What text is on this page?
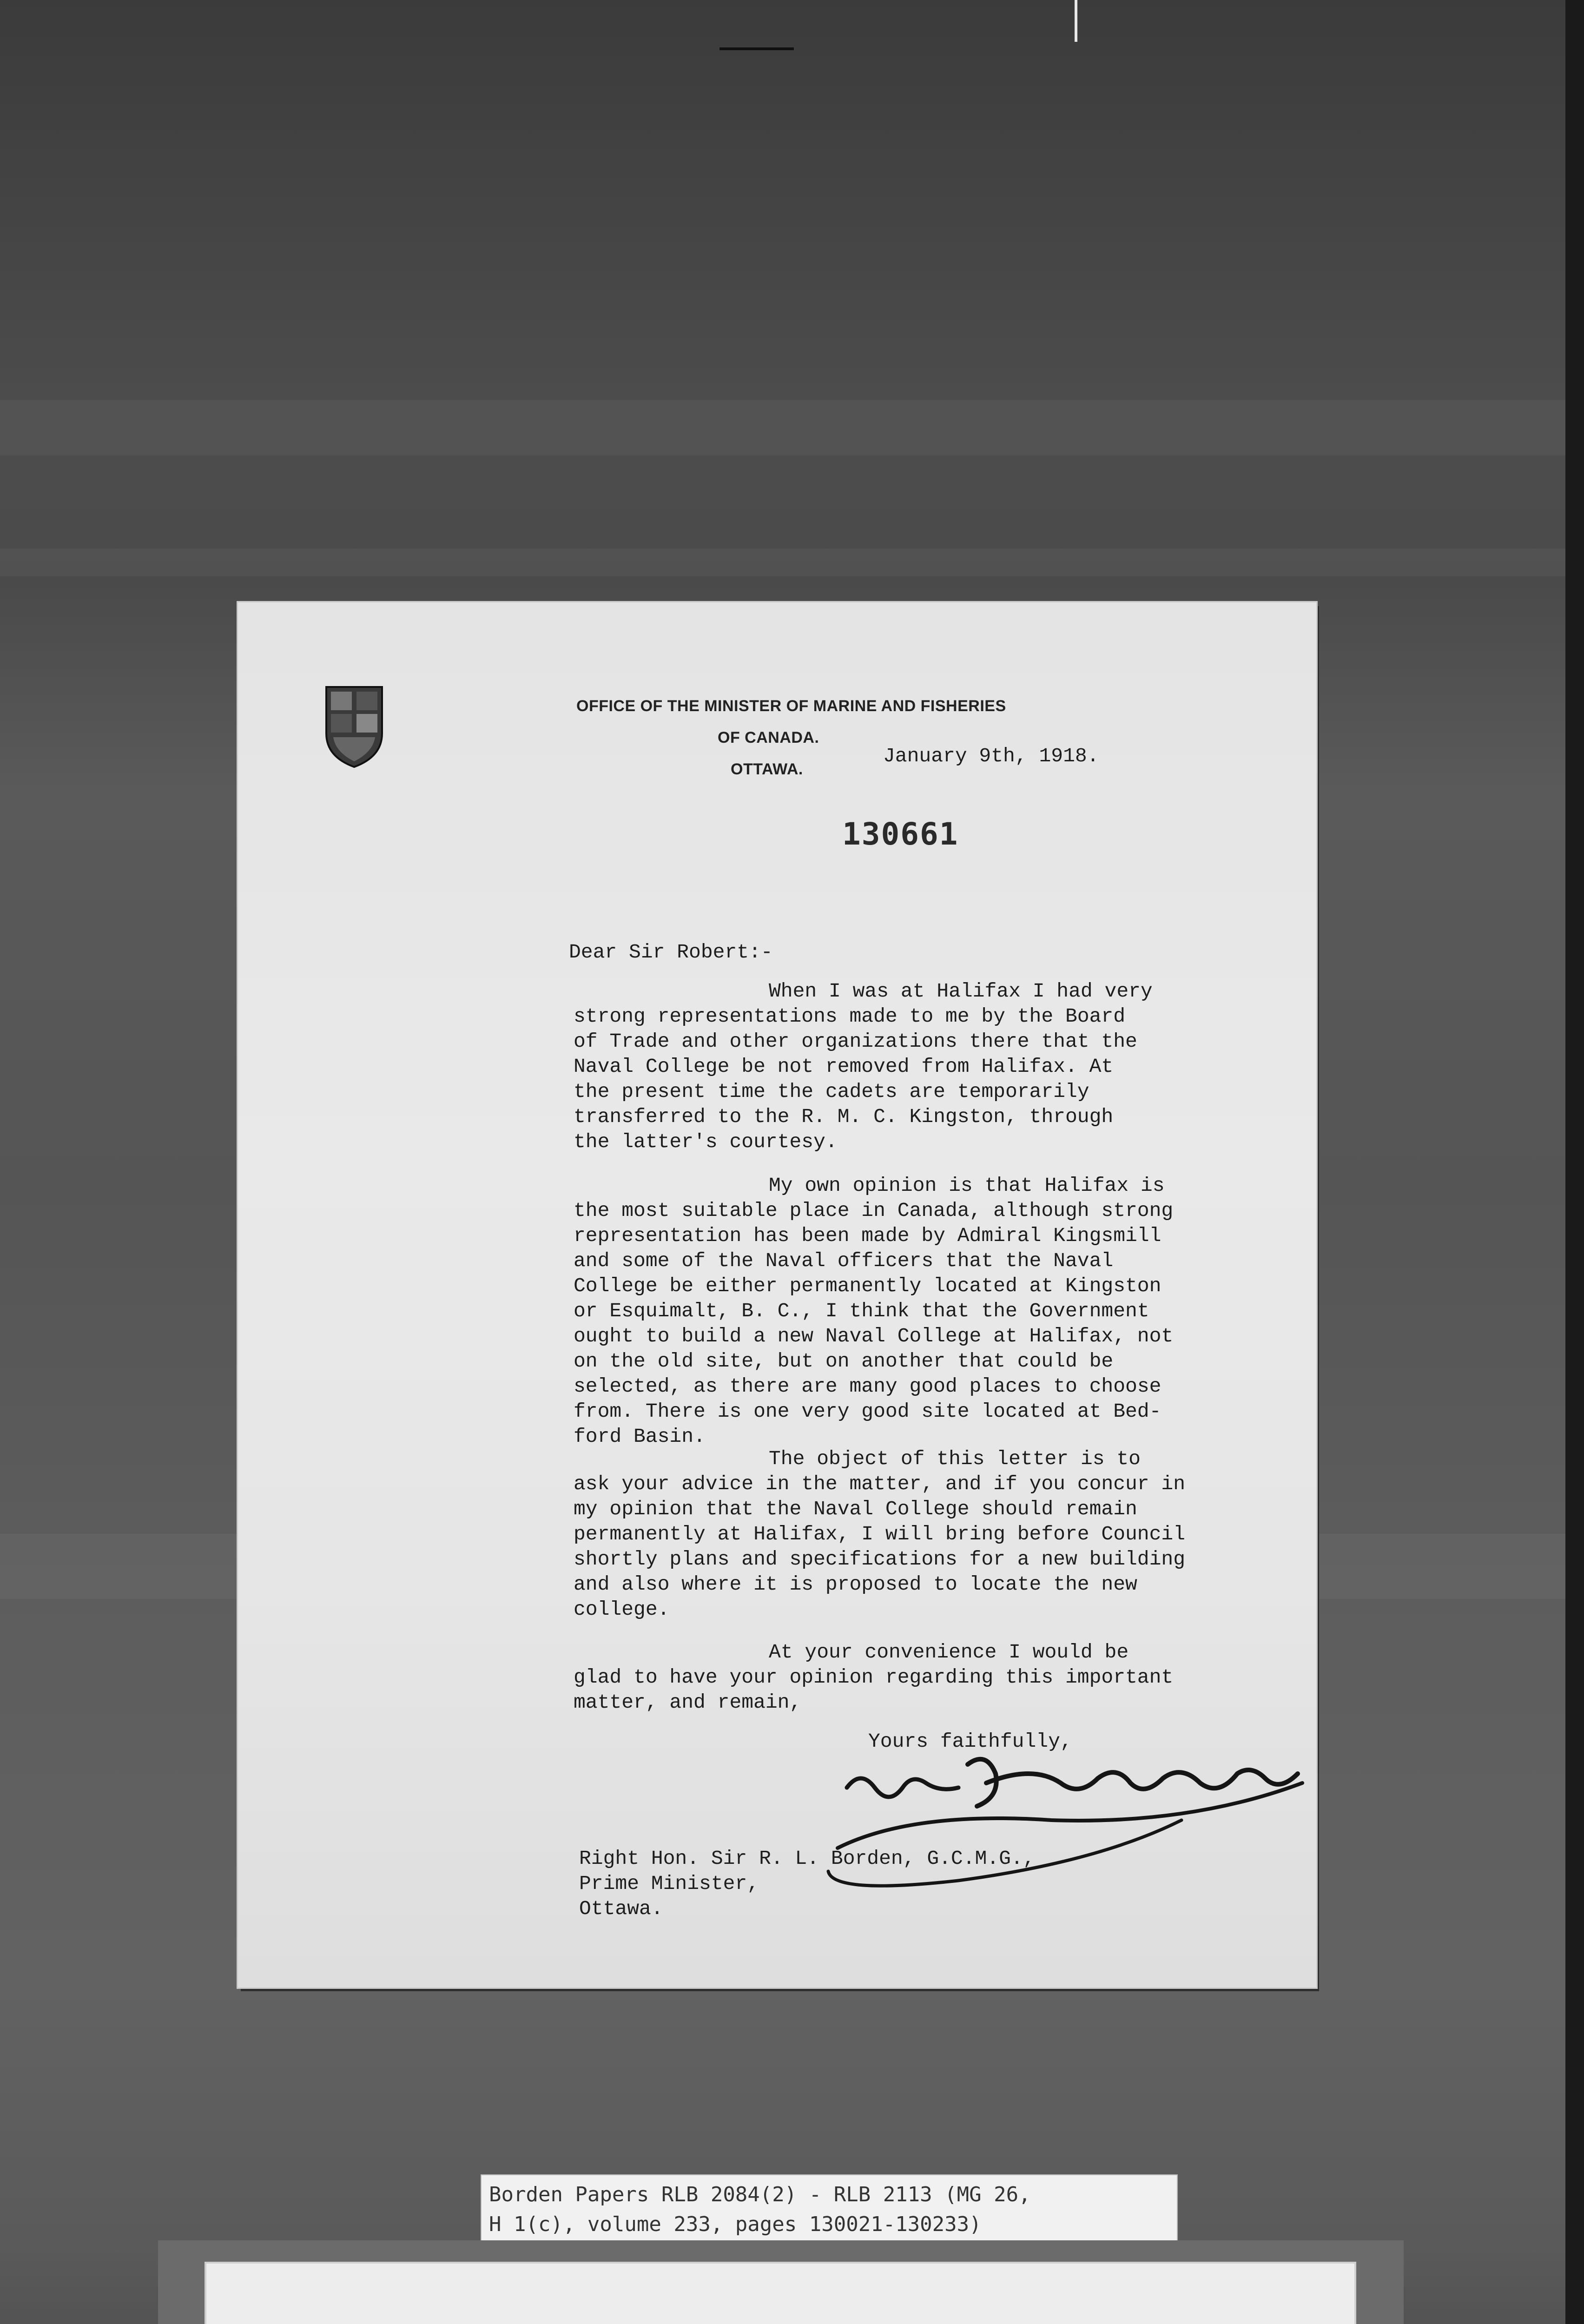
OFFICE OF THE MINISTER OF MARINE AND FISHERIES
OF CANADA.
OTTAWA.
January 9th, 1918.
130661
Dear Sir Robert:-
When I was at Halifax I had very
strong representations made to me by the Board
of Trade and other organizations there that the
Naval College be not removed from Halifax. At
the present time the cadets are temporarily
transferred to the R. M. C. Kingston, through
the latter's courtesy.
My own opinion is that Halifax is
the most suitable place in Canada, although strong
representation has been made by Admiral Kingsmill
and some of the Naval officers that the Naval
College be either permanently located at Kingston
or Esquimalt, B. C., I think that the Government
ought to build a new Naval College at Halifax, not
on the old site, but on another that could be
selected, as there are many good places to choose
from. There is one very good site located at Bed-
ford Basin.
The object of this letter is to
ask your advice in the matter, and if you concur in
my opinion that the Naval College should remain
permanently at Halifax, I will bring before Council
shortly plans and specifications for a new building
and also where it is proposed to locate the new
college.
At your convenience I would be
glad to have your opinion regarding this important
matter, and remain,
Yours faithfully,
Right Hon. Sir R. L. Borden, G.C.M.G.,
Prime Minister,
Ottawa.
Borden Papers RLB 2084(2) - RLB 2113 (MG 26,
H 1(c), volume 233, pages 130021-130233)
